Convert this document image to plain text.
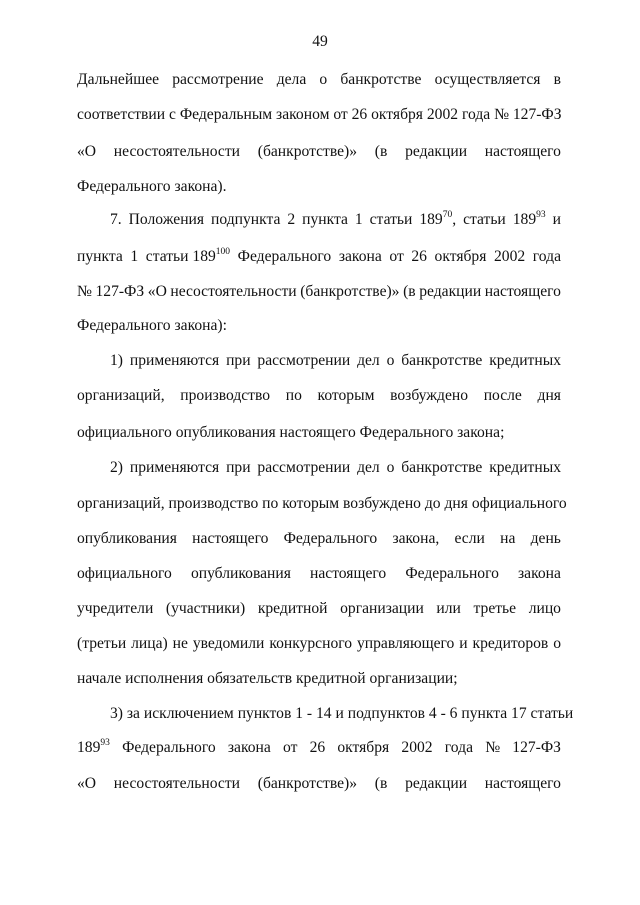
49
Дальнейшее рассмотрение дела о банкротстве осуществляется в
соответствии с Федеральным законом от 26 октября 2002 года № 127-ФЗ
«О несостоятельности (банкротстве)» (в редакции настоящего
Федерального закона).
7. Положения подпункта 2 пункта 1 статьи $189^{70}$, статьи $189^{93}$ и
пункта 1 статьи $189^{100}$ Федерального закона от 26 октября 2002 года
№ 127-ФЗ «О несостоятельности (банкротстве)» (в редакции настоящего
Федерального закона):
1) применяются при рассмотрении дел о банкротстве кредитных
организаций, производство по которым возбуждено после дня
официального опубликования настоящего Федерального закона;
2) применяются при рассмотрении дел о банкротстве кредитных
организаций, производство по которым возбуждено до дня официального
опубликования настоящего Федерального закона, если на день
официального опубликования настоящего Федерального закона
учредители (участники) кредитной организации или третье лицо
(третьи лица) не уведомили конкурсного управляющего и кредиторов о
начале исполнения обязательств кредитной организации;
3) за исключением пунктов 1 - 14 и подпунктов 4 - 6 пункта 17 статьи
$189^{93}$ Федерального закона от 26 октября 2002 года № 127-ФЗ
«О несостоятельности (банкротстве)» (в редакции настоящего
